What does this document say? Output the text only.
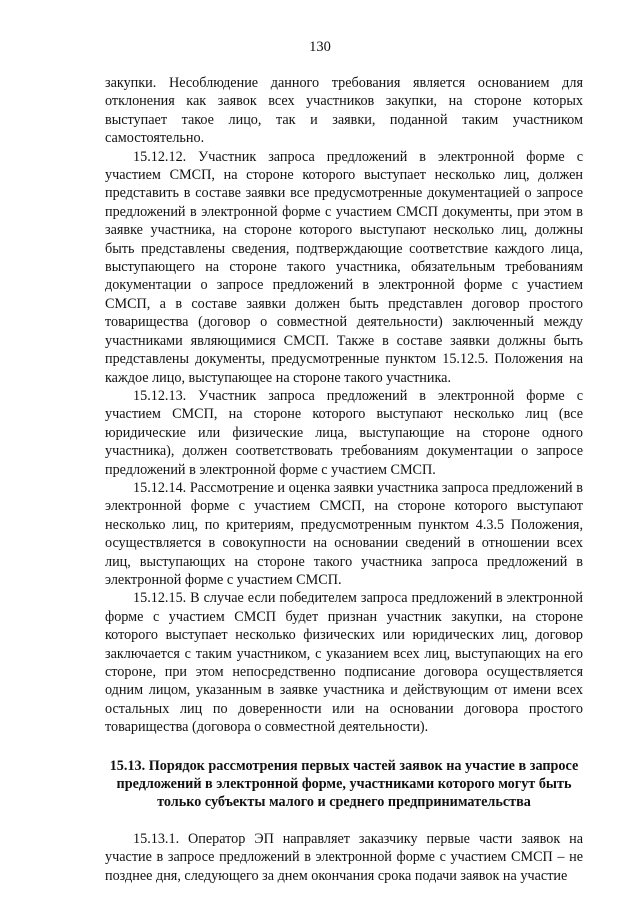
130

закупки. Несоблюдение данного требования является основанием для отклонения как заявок всех участников закупки, на стороне которых выступает такое лицо, так и заявки, поданной таким участником самостоятельно.

15.12.12. Участник запроса предложений в электронной форме с участием СМСП, на стороне которого выступает несколько лиц, должен представить в составе заявки все предусмотренные документацией о запросе предложений в электронной форме с участием СМСП документы, при этом в заявке участника, на стороне которого выступают несколько лиц, должны быть представлены сведения, подтверждающие соответствие каждого лица, выступающего на стороне такого участника, обязательным требованиям документации о запросе предложений в электронной форме с участием СМСП, а в составе заявки должен быть представлен договор простого товарищества (договор о совместной деятельности) заключенный между участниками являющимися СМСП. Также в составе заявки должны быть представлены документы, предусмотренные пунктом 15.12.5. Положения на каждое лицо, выступающее на стороне такого участника.

15.12.13. Участник запроса предложений в электронной форме с участием СМСП, на стороне которого выступают несколько лиц (все юридические или физические лица, выступающие на стороне одного участника), должен соответствовать требованиям документации о запросе предложений в электронной форме с участием СМСП.

15.12.14. Рассмотрение и оценка заявки участника запроса предложений в электронной форме с участием СМСП, на стороне которого выступают несколько лиц, по критериям, предусмотренным пунктом 4.3.5 Положения, осуществляется в совокупности на основании сведений в отношении всех лиц, выступающих на стороне такого участника запроса предложений в электронной форме с участием СМСП.

15.12.15. В случае если победителем запроса предложений в электронной форме с участием СМСП будет признан участник закупки, на стороне которого выступает несколько физических или юридических лиц, договор заключается с таким участником, с указанием всех лиц, выступающих на его стороне, при этом непосредственно подписание договора осуществляется одним лицом, указанным в заявке участника и действующим от имени всех остальных лиц по доверенности или на основании договора простого товарищества (договора о совместной деятельности).

15.13. Порядок рассмотрения первых частей заявок на участие в запросе предложений в электронной форме, участниками которого могут быть только субъекты малого и среднего предпринимательства

15.13.1. Оператор ЭП направляет заказчику первые части заявок на участие в запросе предложений в электронной форме с участием СМСП – не позднее дня, следующего за днем окончания срока подачи заявок на участие
